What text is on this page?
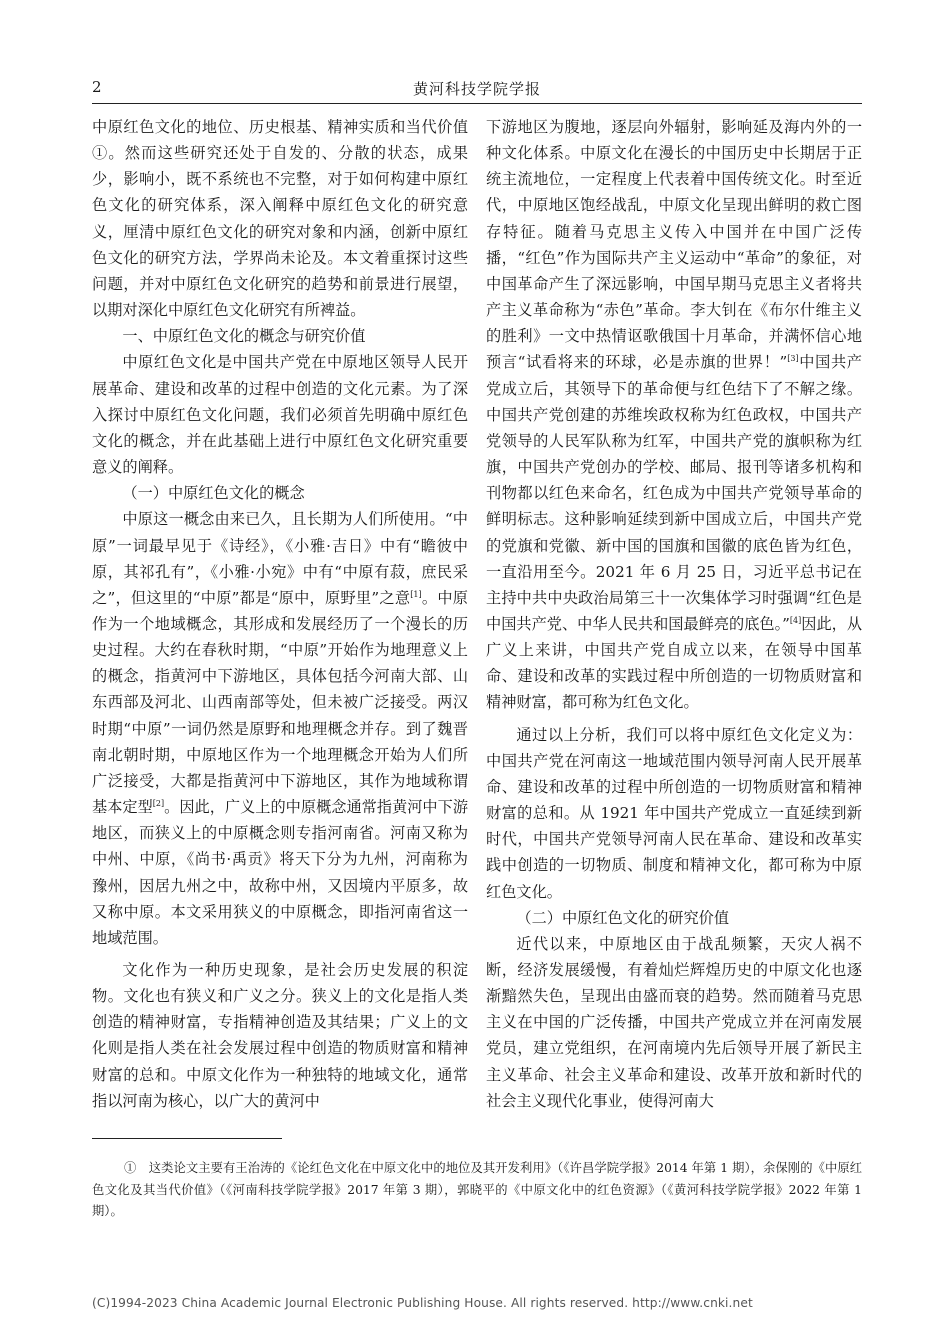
2	黄河科技学院学报

中原红色文化的地位、历史根基、精神实质和当代价值①。然而这些研究还处于自发的、分散的状态，成果少，影响小，既不系统也不完整，对于如何构建中原红色文化的研究体系，深入阐释中原红色文化的研究意义，厘清中原红色文化的研究对象和内涵，创新中原红色文化的研究方法，学界尚未论及。本文着重探讨这些问题，并对中原红色文化研究的趋势和前景进行展望，以期对深化中原红色文化研究有所裨益。

一、中原红色文化的概念与研究价值

中原红色文化是中国共产党在中原地区领导人民开展革命、建设和改革的过程中创造的文化元素。为了深入探讨中原红色文化问题，我们必须首先明确中原红色文化的概念，并在此基础上进行中原红色文化研究重要意义的阐释。

（一）中原红色文化的概念

中原这一概念由来已久，且长期为人们所使用。“中原”一词最早见于《诗经》，《小雅·吉日》中有“瞻彼中原，其祁孔有”，《小雅·小宛》中有“中原有菽，庶民采之”，但这里的“中原”都是“原中，原野里”之意[1]。中原作为一个地域概念，其形成和发展经历了一个漫长的历史过程。大约在春秋时期，“中原”开始作为地理意义上的概念，指黄河中下游地区，具体包括今河南大部、山东西部及河北、山西南部等处，但未被广泛接受。两汉时期“中原”一词仍然是原野和地理概念并存。到了魏晋南北朝时期，中原地区作为一个地理概念开始为人们所广泛接受，大都是指黄河中下游地区，其作为地域称谓基本定型[2]。因此，广义上的中原概念通常指黄河中下游地区，而狭义上的中原概念则专指河南省。河南又称为中州、中原，《尚书·禹贡》将天下分为九州，河南称为豫州，因居九州之中，故称中州，又因境内平原多，故又称中原。本文采用狭义的中原概念，即指河南省这一地域范围。

文化作为一种历史现象，是社会历史发展的积淀物。文化也有狭义和广义之分。狭义上的文化是指人类创造的精神财富，专指精神创造及其结果；广义上的文化则是指人类在社会发展过程中创造的物质财富和精神财富的总和。中原文化作为一种独特的地域文化，通常指以河南为核心，以广大的黄河中

下游地区为腹地，逐层向外辐射，影响延及海内外的一种文化体系。中原文化在漫长的中国历史中长期居于正统主流地位，一定程度上代表着中国传统文化。时至近代，中原地区饱经战乱，中原文化呈现出鲜明的救亡图存特征。随着马克思主义传入中国并在中国广泛传播，“红色”作为国际共产主义运动中“革命”的象征，对中国革命产生了深远影响，中国早期马克思主义者将共产主义革命称为“赤色”革命。李大钊在《布尔什维主义的胜利》一文中热情讴歌俄国十月革命，并满怀信心地预言“试看将来的环球，必是赤旗的世界！”[3]中国共产党成立后，其领导下的革命便与红色结下了不解之缘。中国共产党创建的苏维埃政权称为红色政权，中国共产党领导的人民军队称为红军，中国共产党的旗帜称为红旗，中国共产党创办的学校、邮局、报刊等诸多机构和刊物都以红色来命名，红色成为中国共产党领导革命的鲜明标志。这种影响延续到新中国成立后，中国共产党的党旗和党徽、新中国的国旗和国徽的底色皆为红色，一直沿用至今。2021 年 6 月 25 日，习近平总书记在主持中共中央政治局第三十一次集体学习时强调“红色是中国共产党、中华人民共和国最鲜亮的底色。”[4]因此，从广义上来讲，中国共产党自成立以来，在领导中国革命、建设和改革的实践过程中所创造的一切物质财富和精神财富，都可称为红色文化。

通过以上分析，我们可以将中原红色文化定义为：中国共产党在河南这一地域范围内领导河南人民开展革命、建设和改革的过程中所创造的一切物质财富和精神财富的总和。从 1921 年中国共产党成立一直延续到新时代，中国共产党领导河南人民在革命、建设和改革实践中创造的一切物质、制度和精神文化，都可称为中原红色文化。

（二）中原红色文化的研究价值

近代以来，中原地区由于战乱频繁，天灾人祸不断，经济发展缓慢，有着灿烂辉煌历史的中原文化也逐渐黯然失色，呈现出由盛而衰的趋势。然而随着马克思主义在中国的广泛传播，中国共产党成立并在河南发展党员，建立党组织，在河南境内先后领导开展了新民主主义革命、社会主义革命和建设、改革开放和新时代的社会主义现代化事业，使得河南大

①　这类论文主要有王治涛的《论红色文化在中原文化中的地位及其开发利用》（《许昌学院学报》2014 年第 1 期），余保刚的《中原红色文化及其当代价值》（《河南科技学院学报》2017 年第 3 期），郭晓平的《中原文化中的红色资源》（《黄河科技学院学报》2022 年第 1 期）。
(C)1994-2023 China Academic Journal Electronic Publishing House. All rights reserved. http://www.cnki.net
